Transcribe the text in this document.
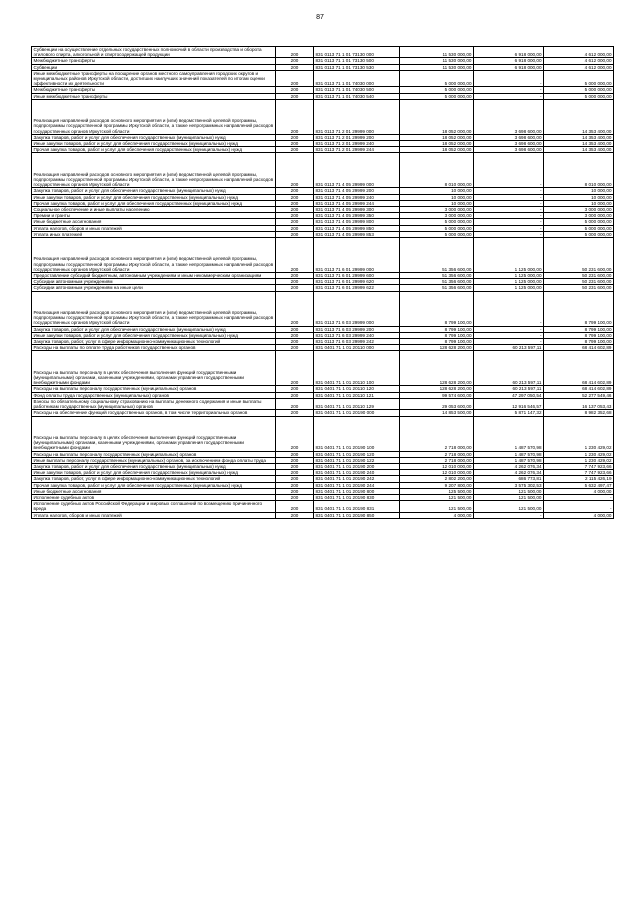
87
Субвенции на осуществление отдельных государственных полномочий в области производства и оборота этилового спирта, алкогольной и спиртосодержащей продукции	200	831 0113 71 1 01 73130 000	11 530 000,00	6 918 000,00	4 612 000,00
Межбюджетные трансферты	200	831 0113 71 1 01 73130 500	11 530 000,00	6 918 000,00	4 612 000,00
Субвенции	200	831 0113 71 1 01 73130 530	11 530 000,00	6 918 000,00	4 612 000,00
Иные межбюджетные трансферты на поощрение органов местного самоуправления городских округов и муниципальных районов Иркутской области, достигших наилучших значений показателей по итогам оценки эффективности их деятельности	200	831 0113 71 1 01 74030 000	5 000 000,00	-	5 000 000,00
Межбюджетные трансферты	200	831 0113 71 1 01 74030 500	5 000 000,00	-	5 000 000,00
Иные межбюджетные трансферты	200	831 0113 71 1 01 74030 540	5 000 000,00	-	5 000 000,00
Реализация направлений расходов основного мероприятия и (или) ведомственной целевой программы, подпрограммы государственной программы Иркутской области, а также непрограммных направлений расходов государственных органов Иркутской области	200	831 0113 71 2 01 29999 000	18 052 000,00	3 698 600,00	14 353 400,00
Закупка товаров, работ и услуг для обеспечения государственных (муниципальных) нужд	200	831 0113 71 2 01 29999 200	18 052 000,00	3 698 600,00	14 353 400,00
Иные закупки товаров, работ и услуг для обеспечения государственных (муниципальных) нужд	200	831 0113 71 2 01 29999 240	18 052 000,00	3 698 600,00	14 353 400,00
Прочая закупка товаров, работ и услуг для обеспечения государственных (муниципальных) нужд	200	831 0113 71 2 01 29999 244	18 052 000,00	3 698 600,00	14 353 400,00
Реализация направлений расходов основного мероприятия и (или) ведомственной целевой программы, подпрограммы государственной программы Иркутской области, а также непрограммных направлений расходов государственных органов Иркутской области	200	831 0113 71 4 05 29999 000	8 010 000,00	-	8 010 000,00
Закупка товаров, работ и услуг для обеспечения государственных (муниципальных) нужд	200	831 0113 71 4 05 29999 200	10 000,00	-	10 000,00
Иные закупки товаров, работ и услуг для обеспечения государственных (муниципальных) нужд	200	831 0113 71 4 05 29999 240	10 000,00	-	10 000,00
Прочая закупка товаров, работ и услуг для обеспечения государственных (муниципальных) нужд	200	831 0113 71 4 05 29999 244	10 000,00	-	10 000,00
Социальное обеспечение и иные выплаты населению	200	831 0113 71 4 05 29999 300	3 000 000,00	-	3 000 000,00
Премии и гранты	200	831 0113 71 4 05 29999 350	3 000 000,00	-	3 000 000,00
Иные бюджетные ассигнования	200	831 0113 71 4 05 29999 800	5 000 000,00	-	5 000 000,00
Уплата налогов, сборов и иных платежей	200	831 0113 71 4 05 29999 850	5 000 000,00	-	5 000 000,00
Уплата иных платежей	200	831 0113 71 4 05 29999 853	5 000 000,00	-	5 000 000,00
Реализация направлений расходов основного мероприятия и (или) ведомственной целевой программы, подпрограммы государственной программы Иркутской области, а также непрограммных направлений расходов государственных органов Иркутской области	200	831 0113 71 6 01 29999 000	51 356 600,00	1 125 000,00	50 231 600,00
Предоставление субсидий бюджетным, автономным учреждениям и иным некоммерческим организациям	200	831 0113 71 6 01 29999 600	51 356 600,00	1 125 000,00	50 231 600,00
Субсидии автономным учреждениям	200	831 0113 71 6 01 29999 620	51 356 600,00	1 125 000,00	50 231 600,00
Субсидии автономным учреждениям на иные цели	200	831 0113 71 6 01 29999 622	51 356 600,00	1 125 000,00	50 231 600,00
Реализация направлений расходов основного мероприятия и (или) ведомственной целевой программы, подпрограммы государственной программы Иркутской области, а также непрограммных направлений расходов государственных органов Иркутской области	200	831 0113 71 6 03 29999 000	8 799 100,00	-	8 799 100,00
Закупка товаров, работ и услуг для обеспечения государственных (муниципальных) нужд	200	831 0113 71 6 03 29999 200	8 799 100,00	-	8 799 100,00
Иные закупки товаров, работ и услуг для обеспечения государственных (муниципальных) нужд	200	831 0113 71 6 03 29999 240	8 799 100,00	-	8 799 100,00
Закупка товаров, работ, услуг в сфере информационно-коммуникационных технологий	200	831 0113 71 6 03 29999 242	8 799 100,00	-	8 799 100,00
Расходы на выплаты по оплате труда работников государственных органов	200	831 0401 71 1 01 20110 000	128 628 200,00	60 213 597,11	68 414 602,89
Расходы на выплаты персоналу в целях обеспечения выполнения функций государственными (муниципальными) органами, казенными учреждениями, органами управления государственными внебюджетными фондами	200	831 0401 71 1 01 20110 100	128 628 200,00	60 213 597,11	68 414 602,89
Расходы на выплаты персоналу государственных (муниципальных) органов	200	831 0401 71 1 01 20110 120	128 628 200,00	60 213 597,11	68 414 602,89
Фонд оплаты труда государственных (муниципальных) органов	200	831 0401 71 1 01 20110 121	99 574 600,00	47 297 050,54	52 277 549,46
Взносы по обязательному социальному страхованию на выплаты денежного содержания и иные выплаты работникам государственных (муниципальных) органов	200	831 0401 71 1 01 20110 129	29 053 600,00	12 916 546,57	16 137 053,43
Расходы на обеспечение функций государственных органов, в том числе территориальных органов	200	831 0401 71 1 01 20190 000	14 853 500,00	5 871 147,32	8 982 352,68
Расходы на выплаты персоналу в целях обеспечения выполнения функций государственными (муниципальными) органами, казенными учреждениями, органами управления государственными внебюджетными фондами	200	831 0401 71 1 01 20190 100	2 718 000,00	1 487 570,98	1 230 429,02
Расходы на выплаты персоналу государственных (муниципальных) органов	200	831 0401 71 1 01 20190 120	2 718 000,00	1 487 570,98	1 230 429,02
Иные выплаты персоналу государственных (муниципальных) органов, за исключением фонда оплаты труда	200	831 0401 71 1 01 20190 122	2 718 000,00	1 487 570,98	1 230 429,02
Закупка товаров, работ и услуг для обеспечения государственных (муниципальных) нужд	200	831 0401 71 1 01 20190 200	12 010 000,00	4 262 076,34	7 747 923,66
Иные закупки товаров, работ и услуг для обеспечения государственных (муниципальных) нужд	200	831 0401 71 1 01 20190 240	12 010 000,00	4 262 076,34	7 747 923,66
Закупка товаров, работ, услуг в сфере информационно-коммуникационных технологий	200	831 0401 71 1 01 20190 242	2 802 200,00	686 773,81	2 115 426,19
Прочая закупка товаров, работ и услуг для обеспечения государственных (муниципальных) нужд	200	831 0401 71 1 01 20190 244	9 207 800,00	3 575 302,53	5 632 497,47
Иные бюджетные ассигнования	200	831 0401 71 1 01 20190 800	125 500,00	121 500,00	4 000,00
Исполнение судебных актов	200	831 0401 71 1 01 20190 830	121 500,00	121 500,00	-
Исполнение судебных актов Российской Федерации и мировых соглашений по возмещению причиненного вреда	200	831 0401 71 1 01 20190 831	121 500,00	121 500,00	-
Уплата налогов, сборов и иных платежей	200	831 0401 71 1 01 20190 850	4 000,00	-	4 000,00
